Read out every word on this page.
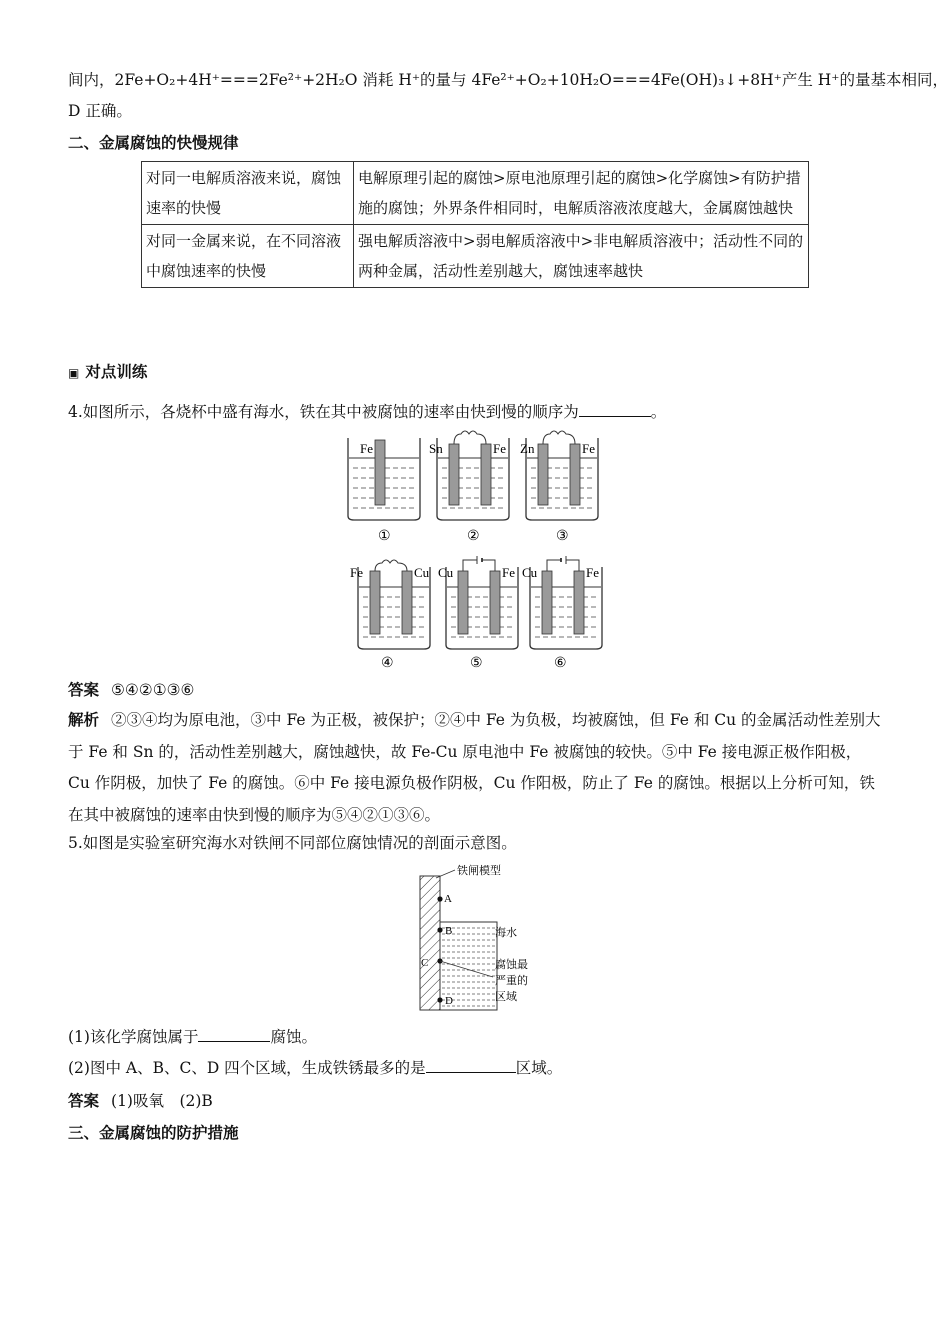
间内，2Fe+O₂+4H⁺===2Fe²⁺+2H₂O 消耗 H⁺的量与 4Fe²⁺+O₂+10H₂O===4Fe(OH)₃↓+8H⁺产生 H⁺的量基本相同，
D 正确。
二、金属腐蚀的快慢规律
对同一电解质溶液来说，腐蚀速率的快慢	电解原理引起的腐蚀>原电池原理引起的腐蚀>化学腐蚀>有防护措施的腐蚀；外界条件相同时，电解质溶液浓度越大，金属腐蚀越快
对同一金属来说，在不同溶液中腐蚀速率的快慢	强电解质溶液中>弱电解质溶液中>非电解质溶液中；活动性不同的两种金属，活动性差别越大，腐蚀速率越快
▣ 对点训练
4.如图所示，各烧杯中盛有海水，铁在其中被腐蚀的速率由快到慢的顺序为	。
Fe
①
Sn	Fe
②
Zn	Fe
③
Fe	Cu
④
Cu	Fe
⑤
Cu	Fe
⑥
答案 ⑤④②①③⑥
解析 ②③④均为原电池，③中 Fe 为正极，被保护；②④中 Fe 为负极，均被腐蚀，但 Fe 和 Cu 的金属活动性差别大于 Fe 和 Sn 的，活动性差别越大，腐蚀越快，故 Fe-Cu 原电池中 Fe 被腐蚀的较快。⑤中 Fe 接电源正极作阳极，Cu 作阴极，加快了 Fe 的腐蚀。⑥中 Fe 接电源负极作阴极，Cu 作阳极，防止了 Fe 的腐蚀。根据以上分析可知，铁在其中被腐蚀的速率由快到慢的顺序为⑤④②①③⑥。
5.如图是实验室研究海水对铁闸不同部位腐蚀情况的剖面示意图。
A
B
C
D
铁闸模型
海水
腐蚀最
严重的
区域
(1)该化学腐蚀属于	腐蚀。
(2)图中 A、B、C、D 四个区域，生成铁锈最多的是	区域。
答案 (1)吸氧　(2)B
三、金属腐蚀的防护措施
